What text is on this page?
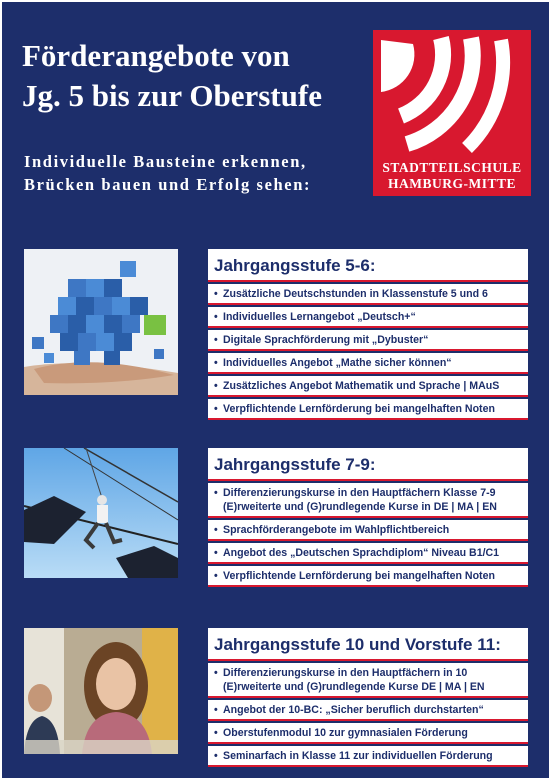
Förderangebote von
Jg. 5 bis zur Oberstufe

Individuelle Bausteine erkennen,
Brücken bauen und Erfolg sehen:

STADTTEILSCHULE
HAMBURG-MITTE
Jahrgangsstufe 5-6:
• Zusätzliche Deutschstunden in Klassenstufe 5 und 6
• Individuelles Lernangebot „Deutsch+“
• Digitale Sprachförderung mit „Dybuster“
• Individuelles Angebot „Mathe sicher können“
• Zusätzliches Angebot Mathematik und Sprache | MAuS
• Verpflichtende Lernförderung bei mangelhaften Noten
Jahrgangsstufe 7-9:
• Differenzierungskurse in den Hauptfächern Klasse 7-9
(E)rweiterte und (G)rundlegende Kurse in DE | MA | EN
• Sprachförderangebote im Wahlpflichtbereich
• Angebot des „Deutschen Sprachdiplom“ Niveau B1/C1
• Verpflichtende Lernförderung bei mangelhaften Noten
Jahrgangsstufe 10 und Vorstufe 11:
• Differenzierungskurse in den Hauptfächern in 10
(E)rweiterte und (G)rundlegende Kurse DE | MA | EN
• Angebot der 10-BC: „Sicher beruflich durchstarten“
• Oberstufenmodul 10 zur gymnasialen Förderung
• Seminarfach in Klasse 11 zur individuellen Förderung
